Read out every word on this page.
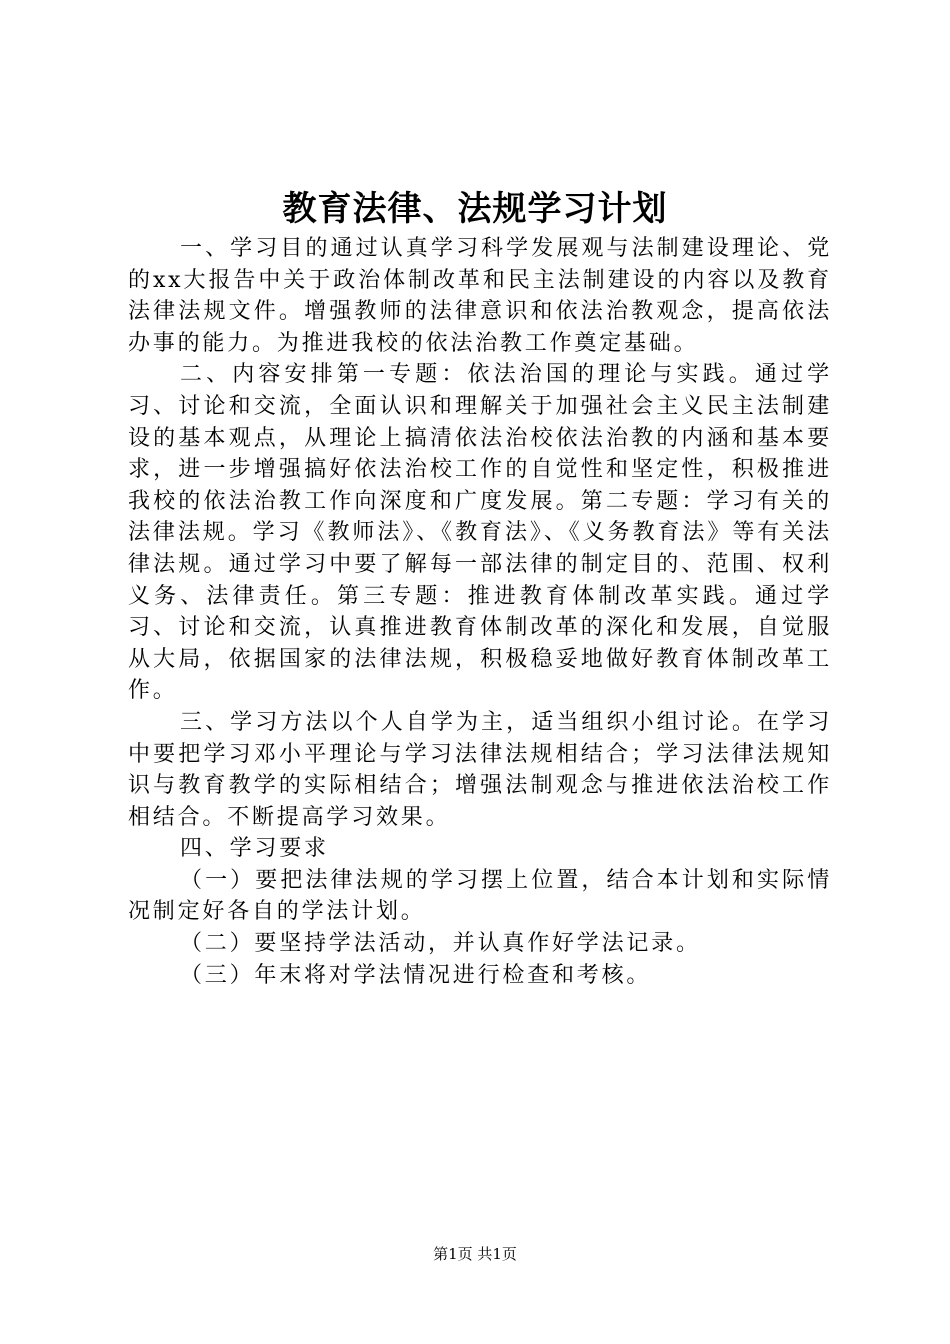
教育法律、法规学习计划

一、学习目的通过认真学习科学发展观与法制建设理论、党的xx大报告中关于政治体制改革和民主法制建设的内容以及教育法律法规文件。增强教师的法律意识和依法治教观念，提高依法办事的能力。为推进我校的依法治教工作奠定基础。

二、内容安排第一专题：依法治国的理论与实践。通过学习、讨论和交流，全面认识和理解关于加强社会主义民主法制建设的基本观点，从理论上搞清依法治校依法治教的内涵和基本要求，进一步增强搞好依法治校工作的自觉性和坚定性，积极推进我校的依法治教工作向深度和广度发展。第二专题：学习有关的法律法规。学习《教师法》、《教育法》、《义务教育法》等有关法律法规。通过学习中要了解每一部法律的制定目的、范围、权利义务、法律责任。第三专题：推进教育体制改革实践。通过学习、讨论和交流，认真推进教育体制改革的深化和发展，自觉服从大局，依据国家的法律法规，积极稳妥地做好教育体制改革工作。

三、学习方法以个人自学为主，适当组织小组讨论。在学习中要把学习邓小平理论与学习法律法规相结合；学习法律法规知识与教育教学的实际相结合；增强法制观念与推进依法治校工作相结合。不断提高学习效果。

四、学习要求

（一）要把法律法规的学习摆上位置，结合本计划和实际情况制定好各自的学法计划。

（二）要坚持学法活动，并认真作好学法记录。

（三）年末将对学法情况进行检查和考核。

第1页 共1页
